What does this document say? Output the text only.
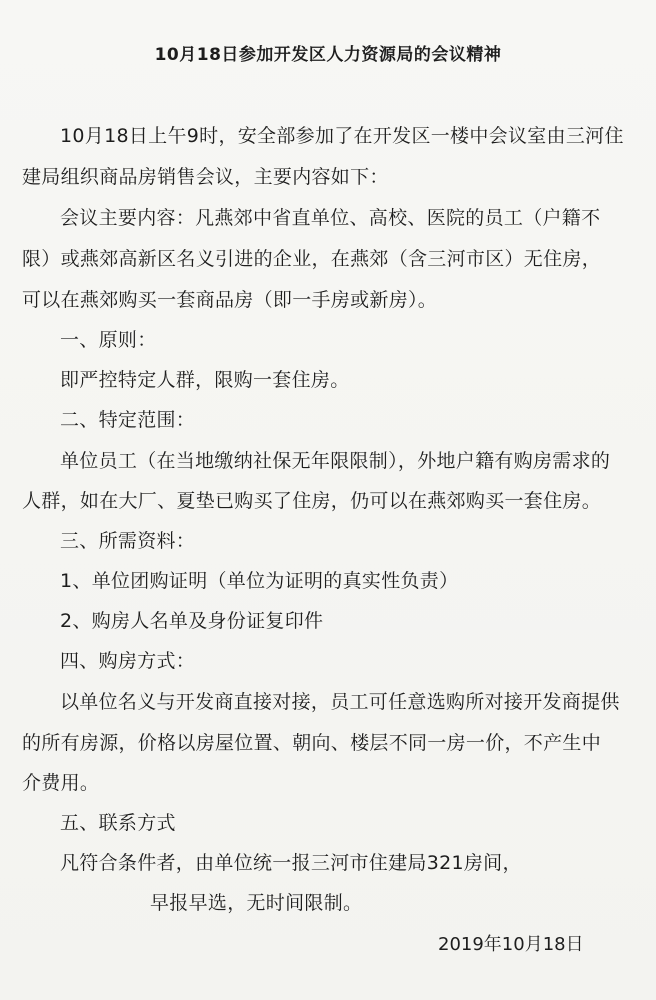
10月18日参加开发区人力资源局的会议精神
10月18日上午9时，安全部参加了在开发区一楼中会议室由三河住
建局组织商品房销售会议，主要内容如下：
会议主要内容：凡燕郊中省直单位、高校、医院的员工（户籍不
限）或燕郊高新区名义引进的企业，在燕郊（含三河市区）无住房，
可以在燕郊购买一套商品房（即一手房或新房）。
一、原则：
即严控特定人群，限购一套住房。
二、特定范围：
单位员工（在当地缴纳社保无年限限制），外地户籍有购房需求的
人群，如在大厂、夏垫已购买了住房，仍可以在燕郊购买一套住房。
三、所需资料：
1、单位团购证明（单位为证明的真实性负责）
2、购房人名单及身份证复印件
四、购房方式：
以单位名义与开发商直接对接，员工可任意选购所对接开发商提供
的所有房源，价格以房屋位置、朝向、楼层不同一房一价，不产生中
介费用。
五、联系方式
凡符合条件者，由单位统一报三河市住建局321房间，
早报早选，无时间限制。
2019年10月18日
